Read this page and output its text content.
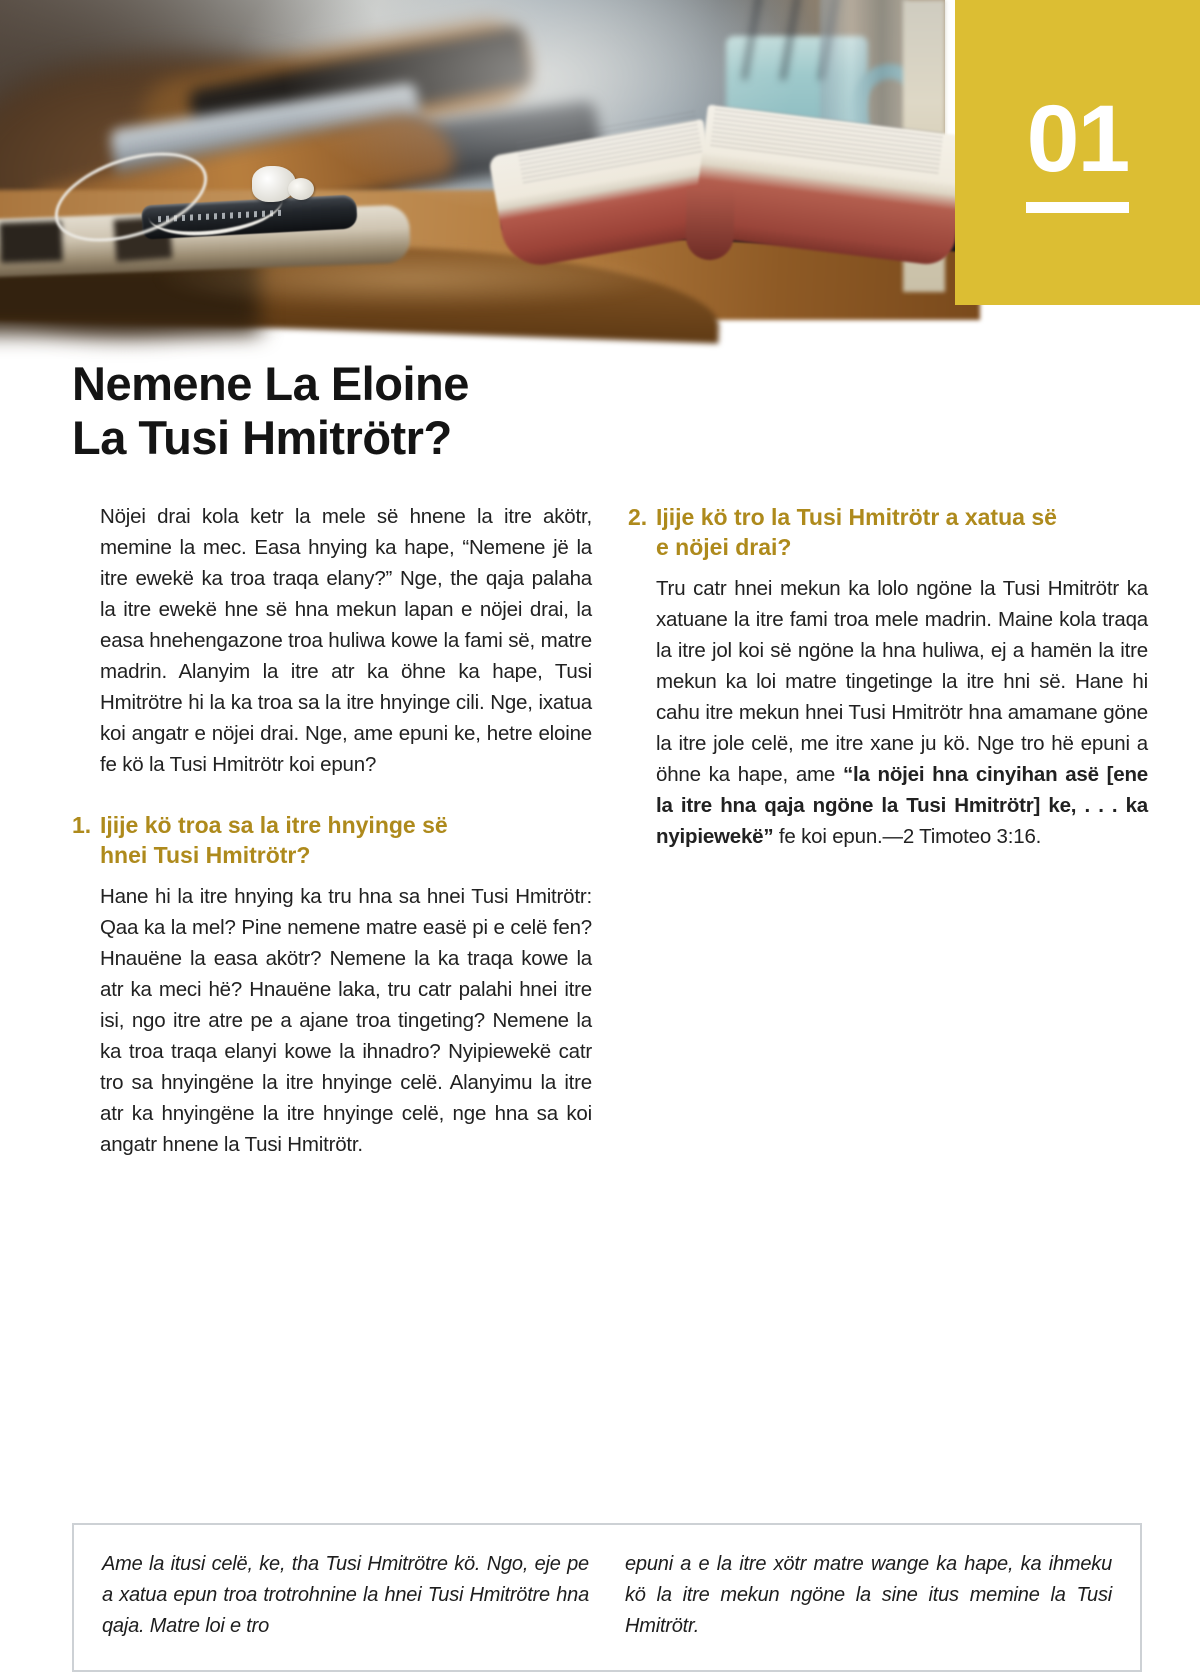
01
Nemene La Eloine
La Tusi Hmitrötr?

Nöjei drai kola ketr la mele së hnene la itre akötr, memine la mec. Easa hnying ka hape, “Nemene jë la itre ewekë ka troa traqa elany?” Nge, the qaja palaha la itre ewekë hne së hna mekun lapan e nöjei drai, la easa hnehengazone troa huliwa kowe la fami së, matre madrin. Alanyim la itre atr ka öhne ka hape, Tusi Hmitrötre hi la ka troa sa la itre hnyinge cili. Nge, ixatua koi angatr e nöjei drai. Nge, ame epuni ke, hetre eloine fe kö la Tusi Hmitrötr koi epun?

1. Ijije kö troa sa la itre hnyinge së
hnei Tusi Hmitrötr?

Hane hi la itre hnying ka tru hna sa hnei Tusi Hmitrötr: Qaa ka la mel? Pine nemene matre easë pi e celë fen? Hnauëne la easa akötr? Nemene la ka traqa kowe la atr ka meci hë? Hnauëne laka, tru catr palahi hnei itre isi, ngo itre atre pe a ajane troa tingeting? Nemene la ka troa traqa elanyi kowe la ihnadro? Nyipiewekë catr tro sa hnyingëne la itre hnyinge celë. Alanyimu la itre atr ka hnyingëne la itre hnyinge celë, nge hna sa koi angatr hnene la Tusi Hmitrötr.

2. Ijije kö tro la Tusi Hmitrötr a xatua së
e nöjei drai?

Tru catr hnei mekun ka lolo ngöne la Tusi Hmitrötr ka xatuane la itre fami troa mele madrin. Maine kola traqa la itre jol koi së ngöne la hna huliwa, ej a hamën la itre mekun ka loi matre tingetinge la itre hni së. Hane hi cahu itre mekun hnei Tusi Hmitrötr hna amamane göne la itre jole celë, me itre xane ju kö. Nge tro hë epuni a öhne ka hape, ame “la nöjei hna cinyihan asë [ene la itre hna qaja ngöne la Tusi Hmitrötr] ke, . . . ka nyipiewekë” fe koi epun.—2 Timoteo 3:16.

Ame la itusi celë, ke, tha Tusi Hmitrötre kö. Ngo, eje pe a xatua epun troa trotrohnine la hnei Tusi Hmitrötre hna qaja. Matre loi e tro

epuni a e la itre xötr matre wange ka hape, ka ihmeku kö la itre mekun ngöne la sine itus memine la Tusi Hmitrötr.
